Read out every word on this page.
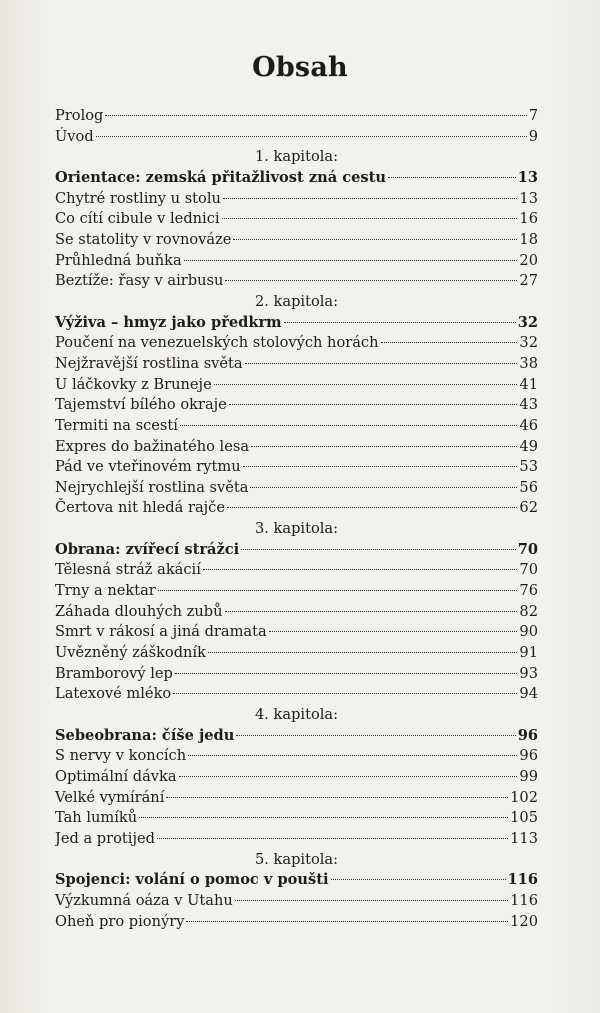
Obsah
Prolog	7
Úvod	9
1. kapitola:
Orientace: zemská přitažlivost zná cestu	13
Chytré rostliny u stolu	13
Co cítí cibule v lednici	16
Se statolity v rovnováze	18
Průhledná buňka	20
Beztíže: řasy v airbusu	27
2. kapitola:
Výživa – hmyz jako předkrm	32
Poučení na venezuelských stolových horách	32
Nejžravější rostlina světa	38
U láčkovky z Bruneje	41
Tajemství bílého okraje	43
Termiti na scestí	46
Expres do bažinatého lesa	49
Pád ve vteřinovém rytmu	53
Nejrychlejší rostlina světa	56
Čertova nit hledá rajče	62
3. kapitola:
Obrana: zvířecí strážci	70
Tělesná stráž akácií	70
Trny a nektar	76
Záhada dlouhých zubů	82
Smrt v rákosí a jiná dramata	90
Uvězněný záškodník	91
Bramborový lep	93
Latexové mléko	94
4. kapitola:
Sebeobrana: číše jedu	96
S nervy v koncích	96
Optimální dávka	99
Velké vymírání	102
Tah lumíků	105
Jed a protijed	113
5. kapitola:
Spojenci: volání o pomoc v poušti	116
Výzkumná oáza v Utahu	116
Oheň pro pionýry	120
